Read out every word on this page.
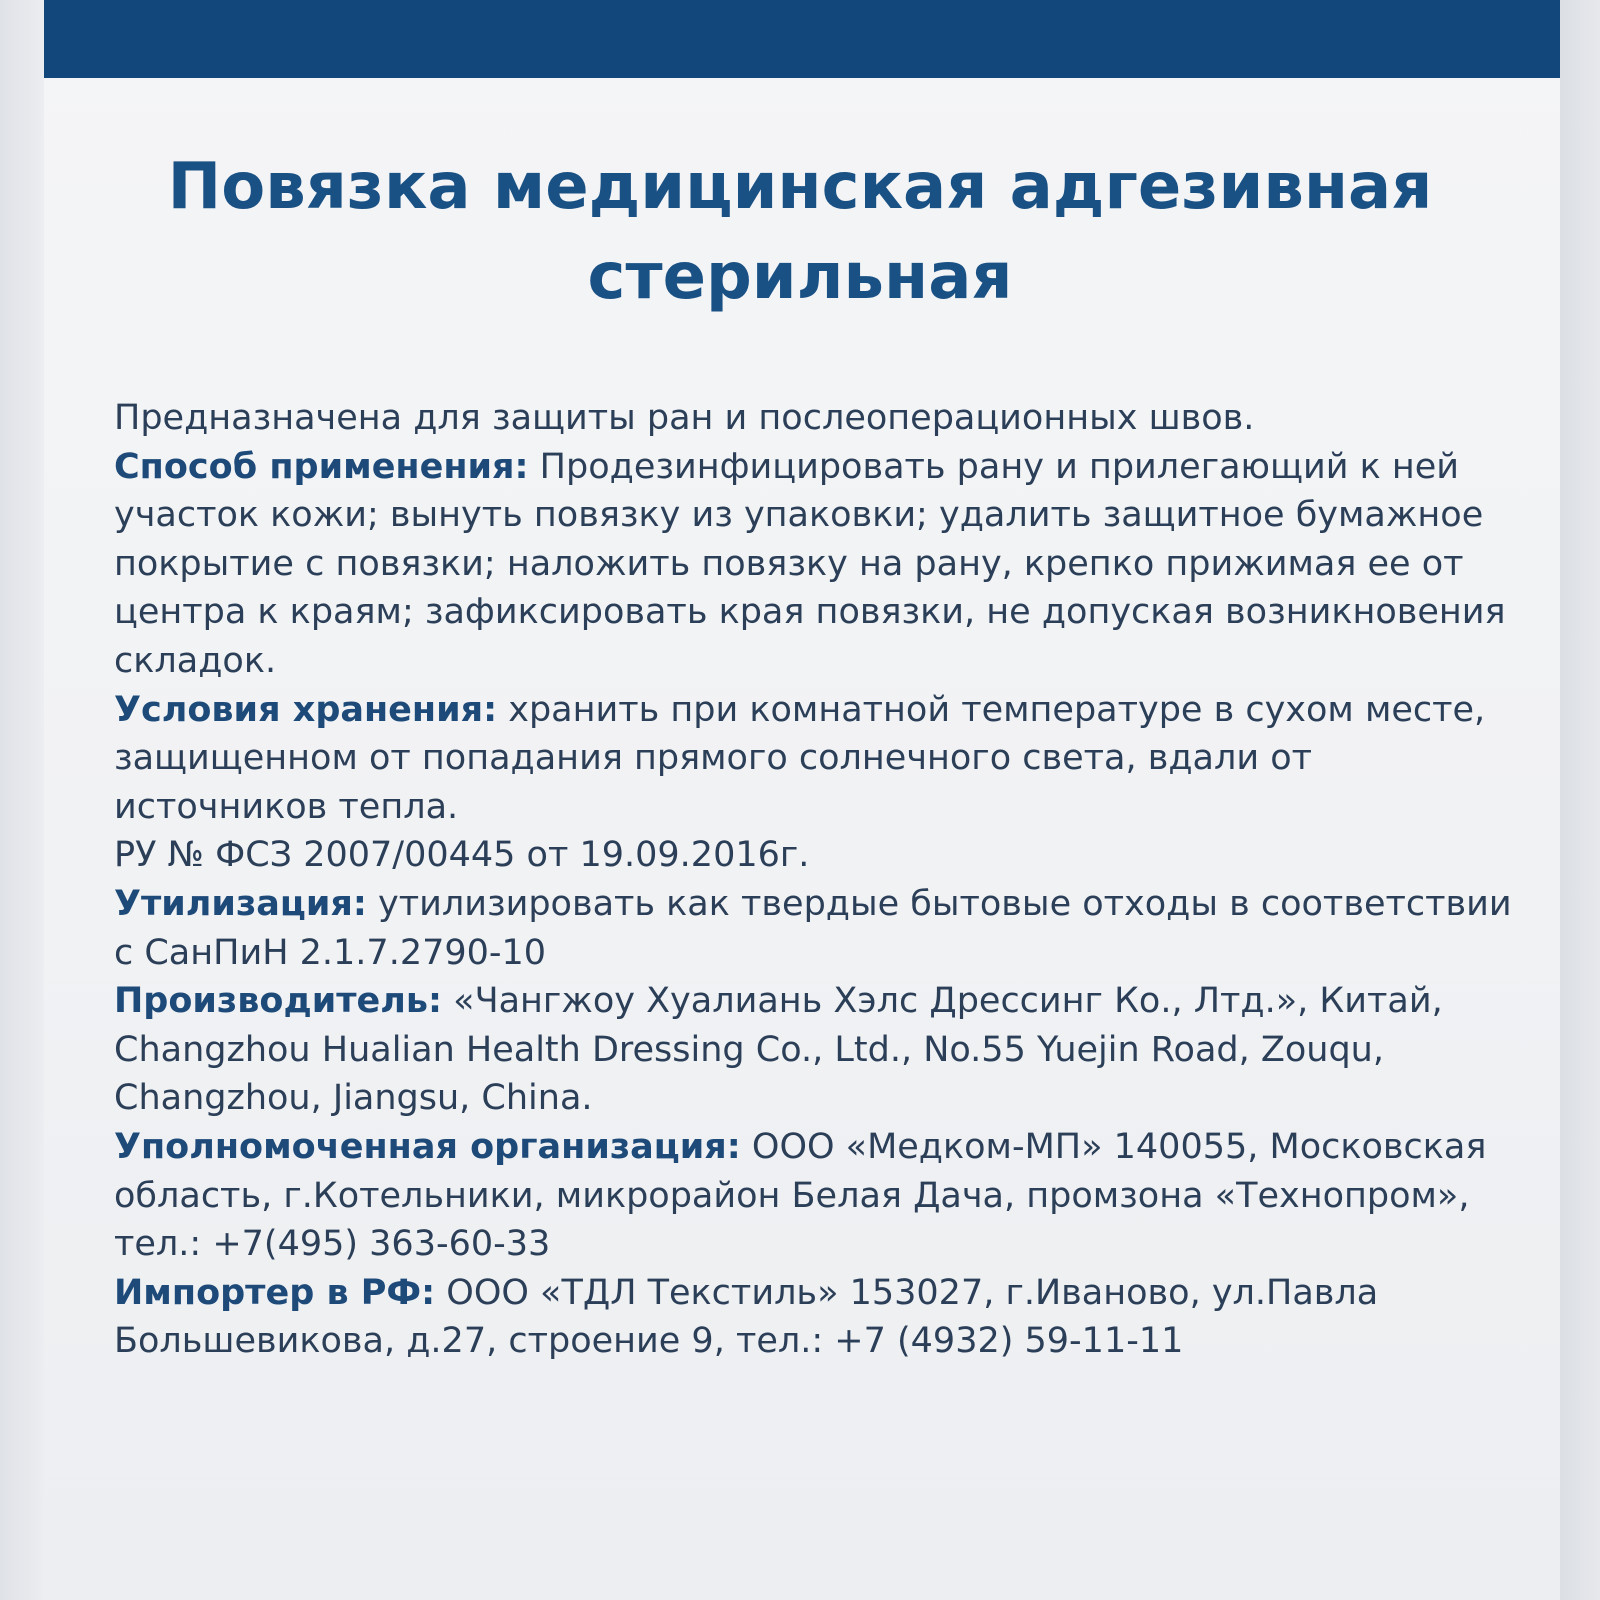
Повязка медицинская адгезивная
стерильная

Предназначена для защиты ран и послеоперационных швов.

Способ применения: Продезинфицировать рану и прилегающий к ней участок кожи; вынуть повязку из упаковки; удалить защитное бумажное покрытие с повязки; наложить повязку на рану, крепко прижимая ее от центра к краям; зафиксировать края повязки, не допуская возникновения складок.

Условия хранения: хранить при комнатной температуре в сухом месте, защищенном от попадания прямого солнечного света, вдали от источников тепла.

РУ № ФСЗ 2007/00445 от 19.09.2016г.

Утилизация: утилизировать как твердые бытовые отходы в соответствии с СанПиН 2.1.7.2790-10

Производитель: «Чангжоу Хуалиань Хэлс Дрессинг Ко., Лтд.», Китай, Changzhou Hualian Health Dressing Co., Ltd., No.55 Yuejin Road, Zouqu, Changzhou, Jiangsu, China.

Уполномоченная организация: ООО «Медком-МП» 140055, Московская область, г.Котельники, микрорайон Белая Дача, промзона «Технопром», тел.: +7(495) 363-60-33

Импортер в РФ: ООО «ТДЛ Текстиль» 153027, г.Иваново, ул.Павла Большевикова, д.27, строение 9, тел.: +7 (4932) 59-11-11
